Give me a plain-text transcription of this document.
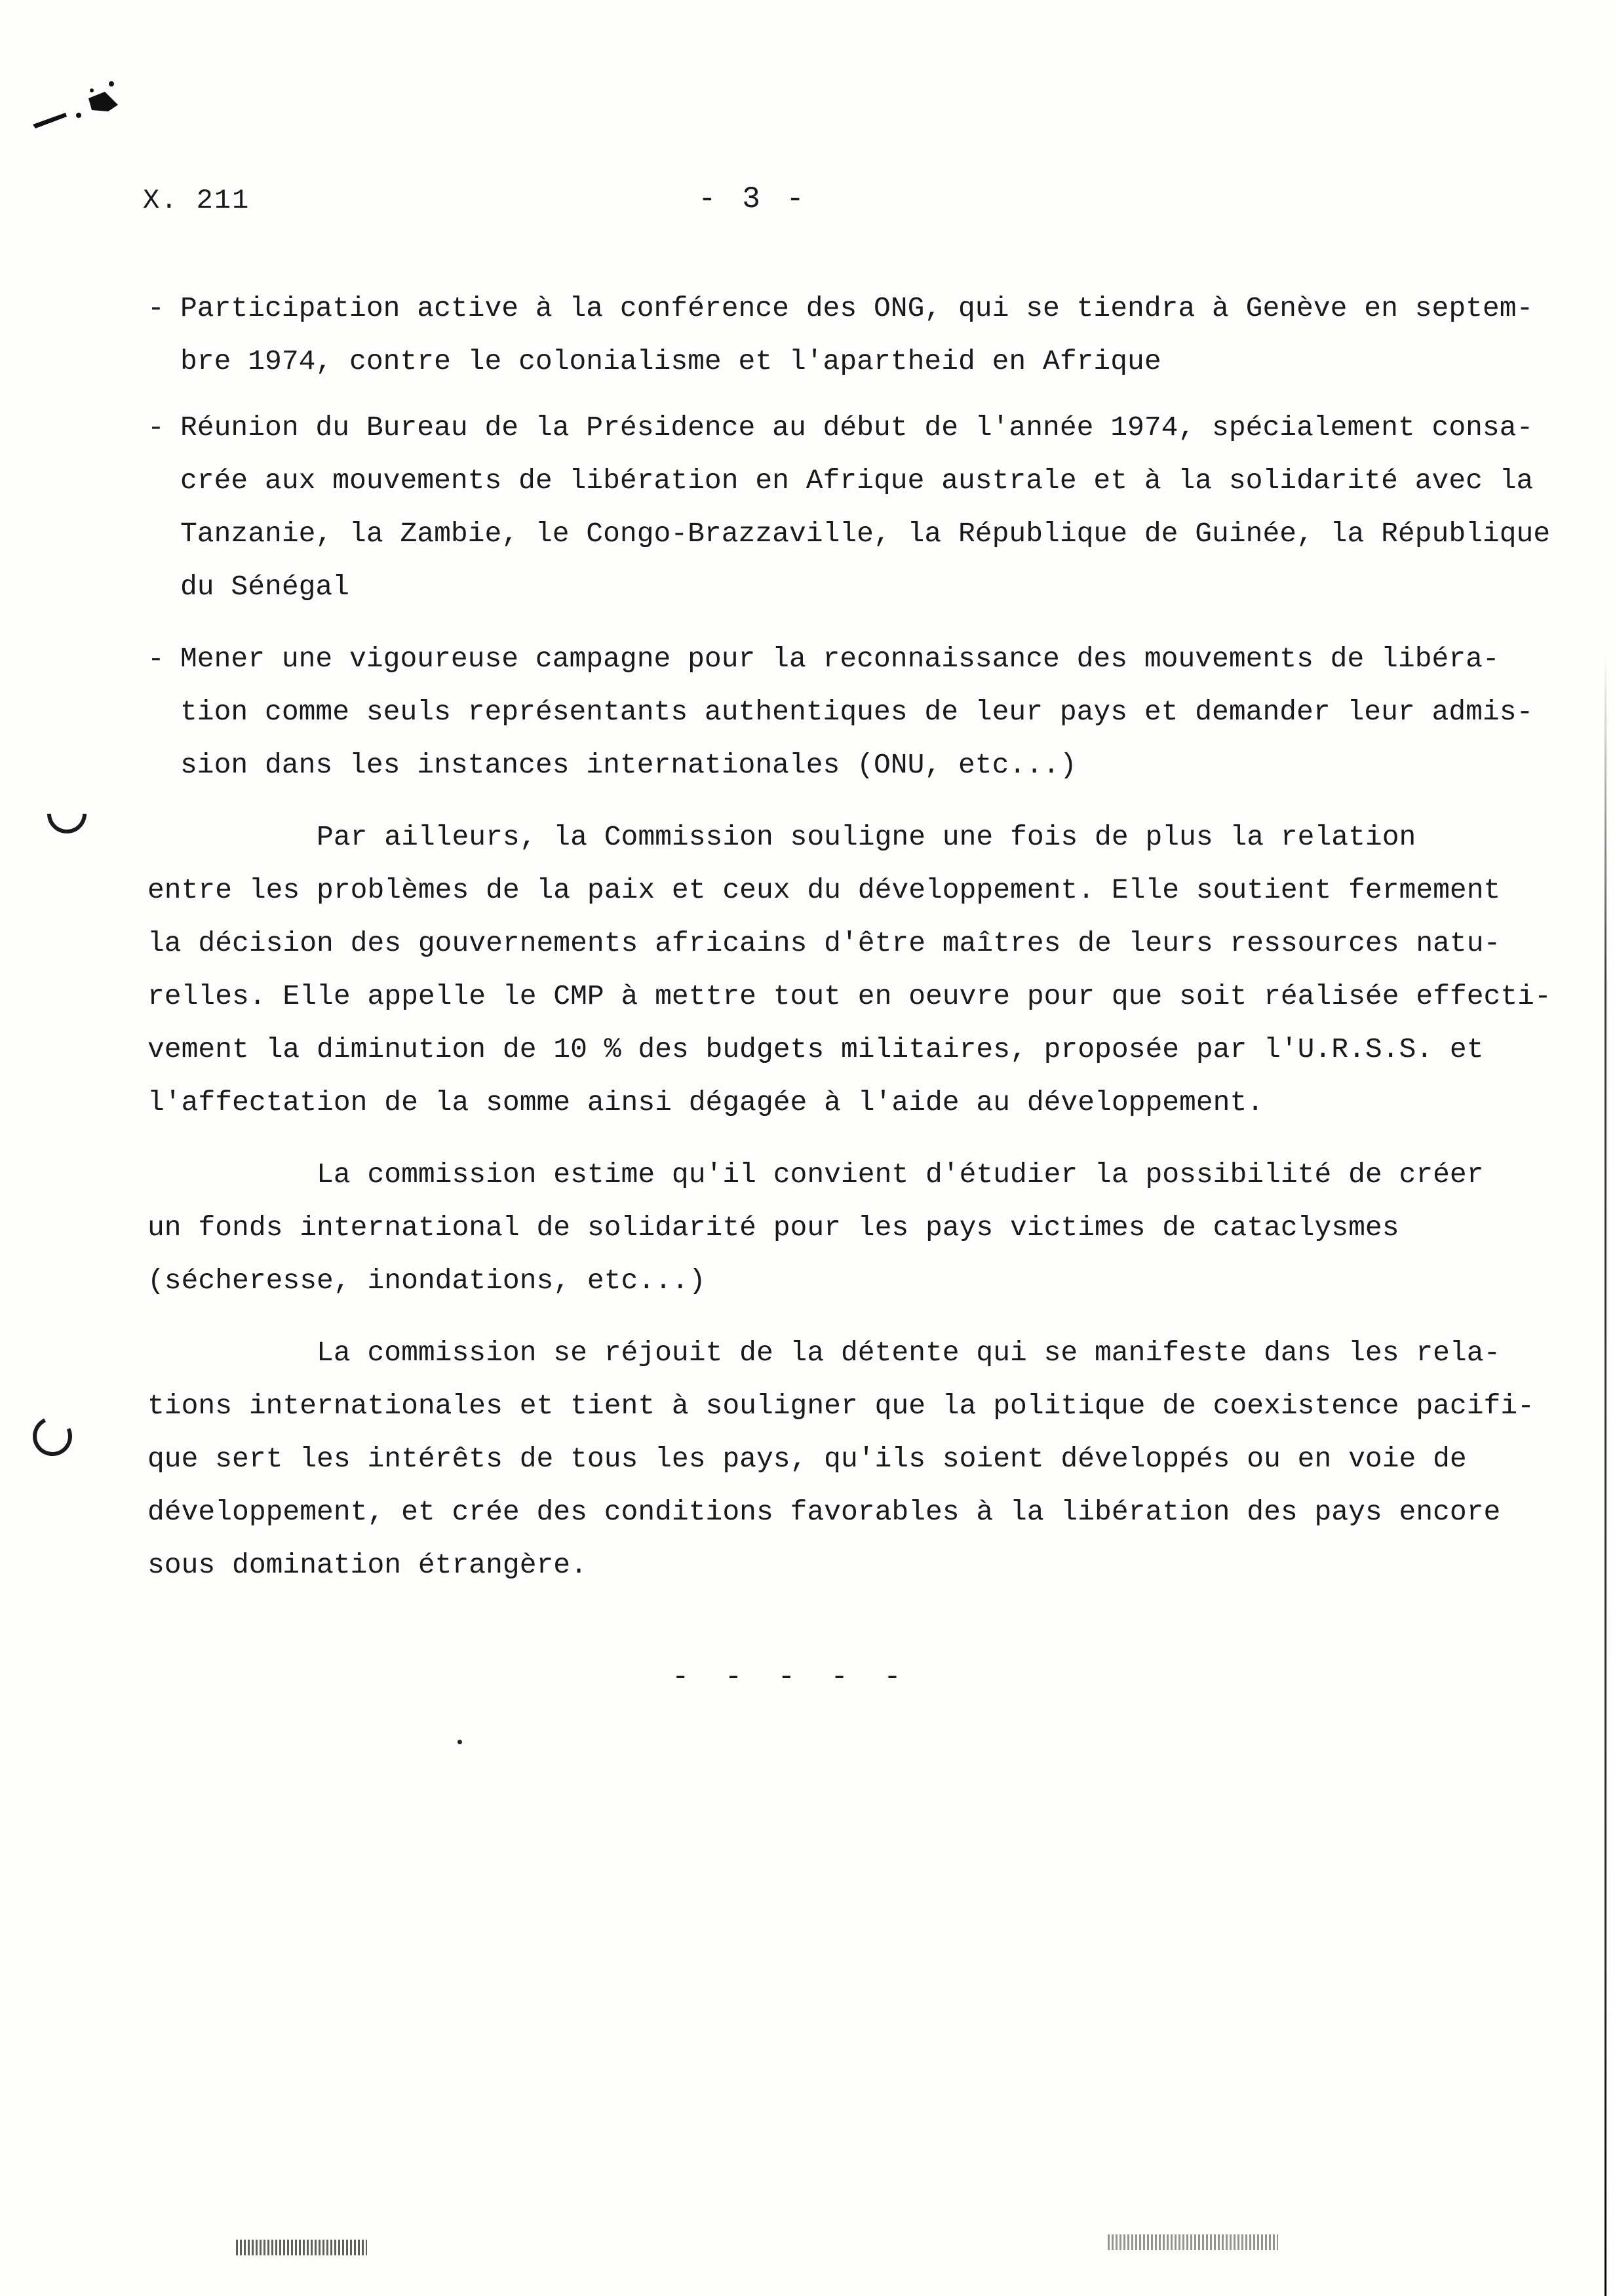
X. 211	- 3 -
- Participation active à la conférence des ONG, qui se tiendra à Genève en septem-
bre 1974, contre le colonialisme et l'apartheid en Afrique
- Réunion du Bureau de la Présidence au début de l'année 1974, spécialement consa-
crée aux mouvements de libération en Afrique australe et à la solidarité avec la
Tanzanie, la Zambie, le Congo-Brazzaville, la République de Guinée, la République
du Sénégal
- Mener une vigoureuse campagne pour la reconnaissance des mouvements de libéra-
tion comme seuls représentants authentiques de leur pays et demander leur admis-
sion dans les instances internationales (ONU, etc...)
Par ailleurs, la Commission souligne une fois de plus la relation
entre les problèmes de la paix et ceux du développement. Elle soutient fermement
la décision des gouvernements africains d'être maîtres de leurs ressources natu-
relles. Elle appelle le CMP à mettre tout en oeuvre pour que soit réalisée effecti-
vement la diminution de 10 % des budgets militaires, proposée par l'U.R.S.S. et
l'affectation de la somme ainsi dégagée à l'aide au développement.
La commission estime qu'il convient d'étudier la possibilité de créer
un fonds international de solidarité pour les pays victimes de cataclysmes
(sécheresse, inondations, etc...)
La commission se réjouit de la détente qui se manifeste dans les rela-
tions internationales et tient à souligner que la politique de coexistence pacifi-
que sert les intérêts de tous les pays, qu'ils soient développés ou en voie de
développement, et crée des conditions favorables à la libération des pays encore
sous domination étrangère.
- - - - -
